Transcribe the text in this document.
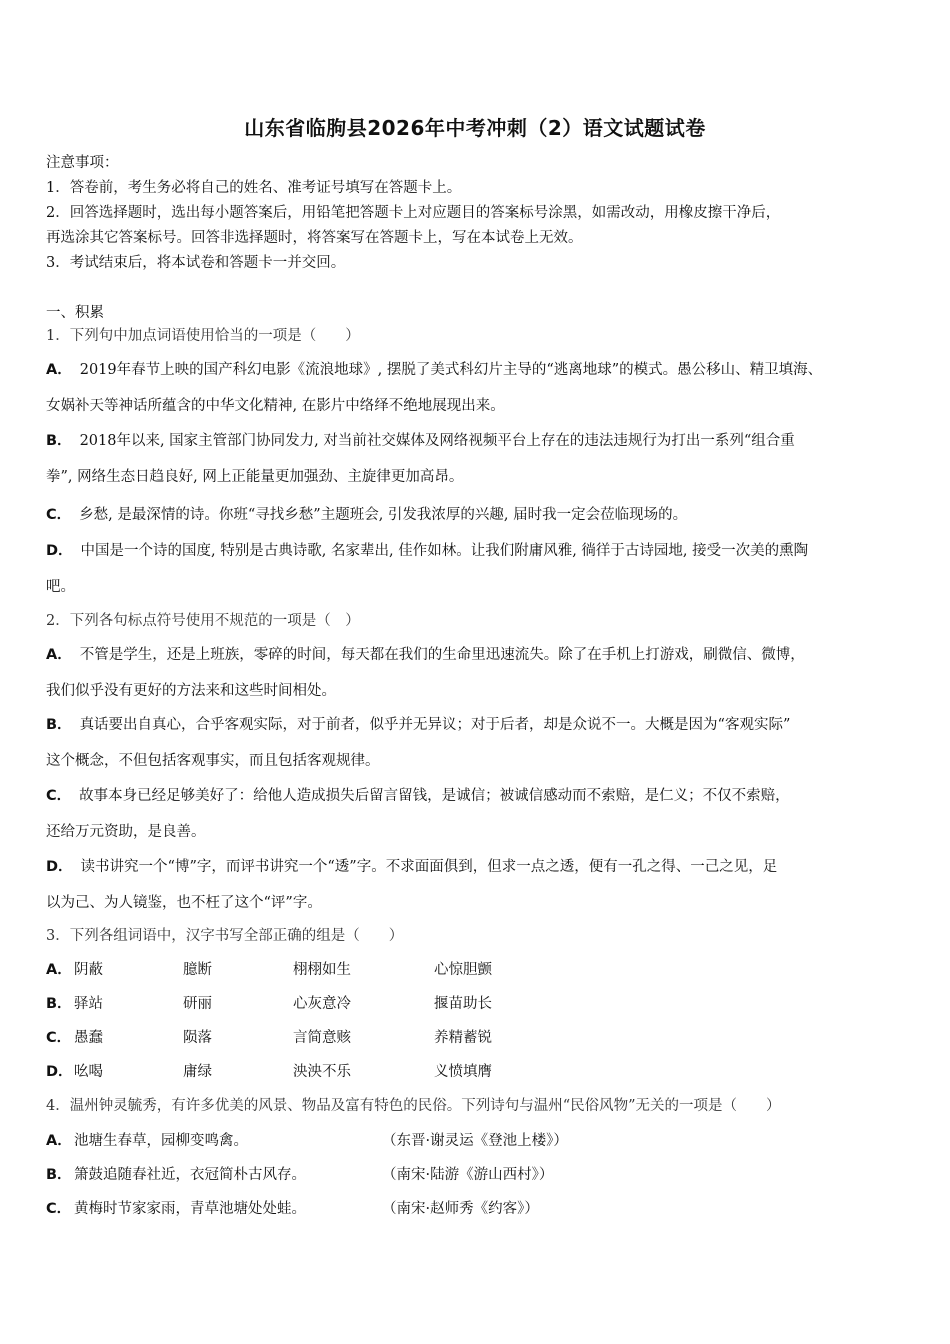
山东省临朐县2026年中考冲刺（2）语文试题试卷
注意事项：
1．答卷前，考生务必将自己的姓名、准考证号填写在答题卡上。
2．回答选择题时，选出每小题答案后，用铅笔把答题卡上对应题目的答案标号涂黑，如需改动，用橡皮擦干净后，
再选涂其它答案标号。回答非选择题时，将答案写在答题卡上，写在本试卷上无效。
3．考试结束后，将本试卷和答题卡一并交回。
一、积累
1．下列句中加点词语使用恰当的一项是（　　）
A． 2019年春节上映的国产科幻电影《流浪地球》, 摆脱了美式科幻片主导的“逃离地球”的模式。愚公移山、精卫填海、
女娲补天等神话所蕴含的中华文化精神, 在影片中络绎不绝地展现出来。
B． 2018年以来, 国家主管部门协同发力, 对当前社交媒体及网络视频平台上存在的违法违规行为打出一系列“组合重
拳”, 网络生态日趋良好, 网上正能量更加强劲、主旋律更加高昂。
C． 乡愁, 是最深情的诗。你班“寻找乡愁”主题班会, 引发我浓厚的兴趣, 届时我一定会莅临现场的。
D． 中国是一个诗的国度, 特别是古典诗歌, 名家辈出, 佳作如林。让我们附庸风雅, 徜徉于古诗园地, 接受一次美的熏陶
吧。
2．下列各句标点符号使用不规范的一项是（　）
A． 不管是学生，还是上班族，零碎的时间，每天都在我们的生命里迅速流失。除了在手机上打游戏，刷微信、微博，
我们似乎没有更好的方法来和这些时间相处。
B． 真话要出自真心，合乎客观实际，对于前者，似乎并无异议；对于后者，却是众说不一。大概是因为“客观实际”
这个概念，不但包括客观事实，而且包括客观规律。
C． 故事本身已经足够美好了：给他人造成损失后留言留钱，是诚信；被诚信感动而不索赔，是仁义；不仅不索赔，
还给万元资助，是良善。
D． 读书讲究一个“博”字，而评书讲究一个“透”字。不求面面俱到，但求一点之透，便有一孔之得、一己之见，足
以为己、为人镜鉴，也不枉了这个“评”字。
3．下列各组词语中，汉字书写全部正确的组是（　　）
A． 阴蔽	臆断	栩栩如生	心惊胆颤
B． 驿站	研丽	心灰意冷	揠苗助长
C． 愚蠢	陨落	言简意赅	养精蓄锐
D． 吆喝	庸绿	泱泱不乐	义愤填膺
4．温州钟灵毓秀，有许多优美的风景、物品及富有特色的民俗。下列诗句与温州“民俗风物”无关的一项是（　　）
A． 池塘生春草，园柳变鸣禽。	（东晋·谢灵运《登池上楼》）
B． 箫鼓追随春社近，衣冠简朴古风存。	（南宋·陆游《游山西村》）
C． 黄梅时节家家雨，青草池塘处处蛙。	（南宋·赵师秀《约客》）
